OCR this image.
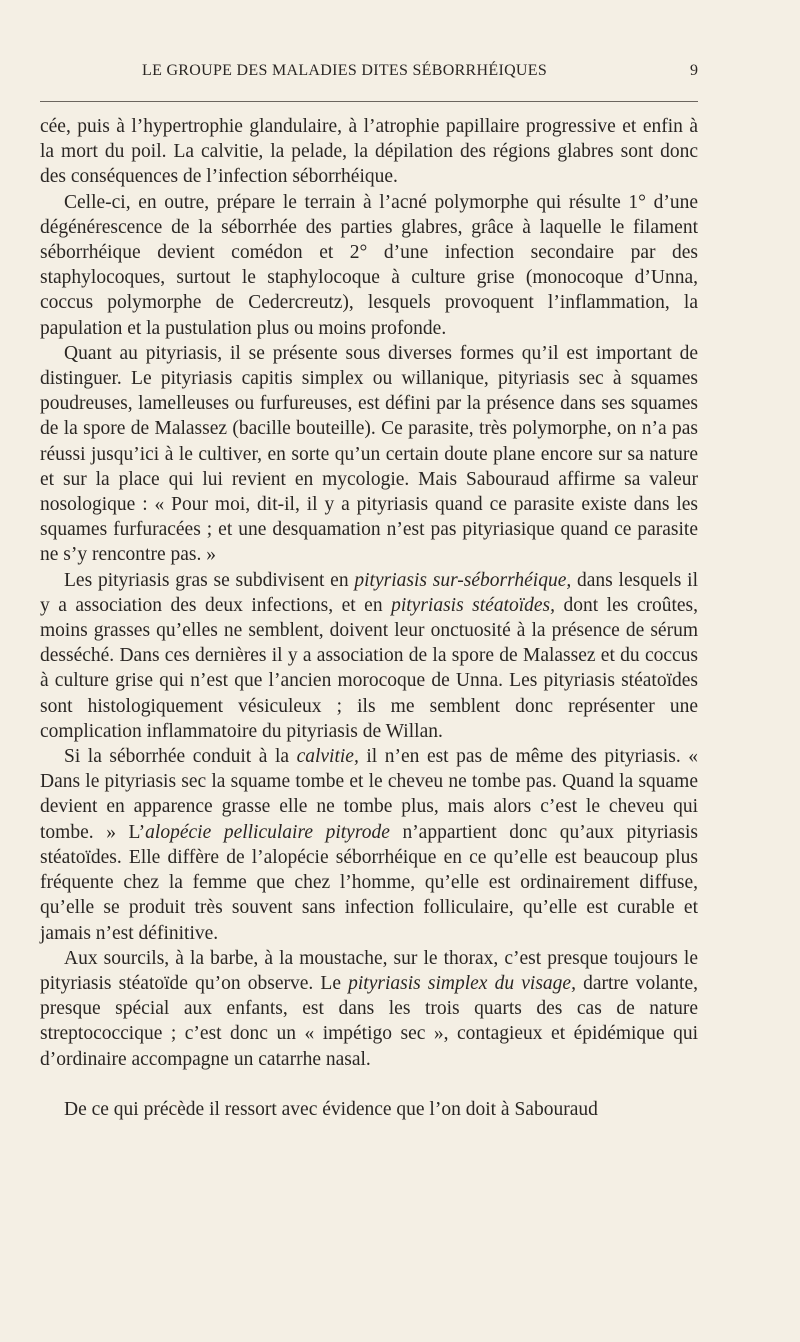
LE GROUPE DES MALADIES DITES SÉBORRHÉIQUES	9

cée, puis à l’hypertrophie glandulaire, à l’atrophie papillaire progressive et enfin à la mort du poil. La calvitie, la pelade, la dépilation des régions glabres sont donc des conséquences de l’infection séborrhéique.

Celle-ci, en outre, prépare le terrain à l’acné polymorphe qui résulte 1° d’une dégénérescence de la séborrhée des parties glabres, grâce à laquelle le filament séborrhéique devient comédon et 2° d’une infection secondaire par des staphylocoques, surtout le staphylocoque à culture grise (monocoque d’Unna, coccus polymorphe de Cedercreutz), lesquels provoquent l’inflammation, la papulation et la pustulation plus ou moins profonde.

Quant au pityriasis, il se présente sous diverses formes qu’il est important de distinguer. Le pityriasis capitis simplex ou willanique, pityriasis sec à squames poudreuses, lamelleuses ou furfureuses, est défini par la présence dans ses squames de la spore de Malassez (bacille bouteille). Ce parasite, très polymorphe, on n’a pas réussi jusqu’ici à le cultiver, en sorte qu’un certain doute plane encore sur sa nature et sur la place qui lui revient en mycologie. Mais Sabouraud affirme sa valeur nosologique : « Pour moi, dit-il, il y a pityriasis quand ce parasite existe dans les squames furfuracées ; et une desquamation n’est pas pityriasique quand ce parasite ne s’y rencontre pas. »

Les pityriasis gras se subdivisent en pityriasis sur-séborrhéique, dans lesquels il y a association des deux infections, et en pityriasis stéatoïdes, dont les croûtes, moins grasses qu’elles ne semblent, doivent leur onctuosité à la présence de sérum desséché. Dans ces dernières il y a association de la spore de Malassez et du coccus à culture grise qui n’est que l’ancien morocoque de Unna. Les pityriasis stéatoïdes sont histologiquement vésiculeux ; ils me semblent donc représenter une complication inflammatoire du pityriasis de Willan.

Si la séborrhée conduit à la calvitie, il n’en est pas de même des pityriasis. « Dans le pityriasis sec la squame tombe et le cheveu ne tombe pas. Quand la squame devient en apparence grasse elle ne tombe plus, mais alors c’est le cheveu qui tombe. » L’alopécie pelliculaire pityrode n’appartient donc qu’aux pityriasis stéatoïdes. Elle diffère de l’alopécie séborrhéique en ce qu’elle est beaucoup plus fréquente chez la femme que chez l’homme, qu’elle est ordinairement diffuse, qu’elle se produit très souvent sans infection folliculaire, qu’elle est curable et jamais n’est définitive.

Aux sourcils, à la barbe, à la moustache, sur le thorax, c’est presque toujours le pityriasis stéatoïde qu’on observe. Le pityriasis simplex du visage, dartre volante, presque spécial aux enfants, est dans les trois quarts des cas de nature streptococcique ; c’est donc un « impétigo sec », contagieux et épidémique qui d’ordinaire accompagne un catarrhe nasal.

De ce qui précède il ressort avec évidence que l’on doit à Sabouraud
